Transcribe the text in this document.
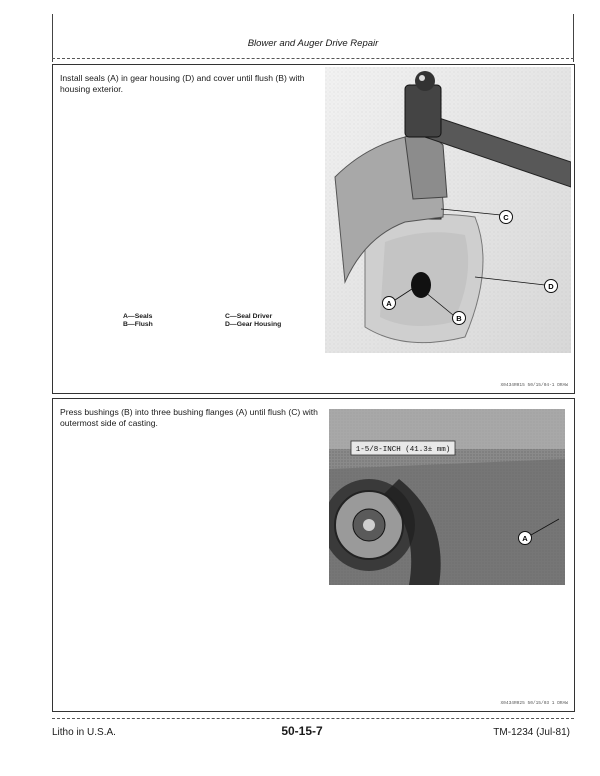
Blower and Auger Drive Repair
Install seals (A) in gear housing (D) and cover until flush (B) with housing exterior.
A—Seals
B—Flush
C—Seal Driver
D—Gear Housing
C
D
A
B
X0434R015 50/15/04-1 DRAW
Press bushings (B) into three bushing flanges (A) until flush (C) with outermost side of casting.
1-5/8-INCH (41.3± mm)
A
X0434R025 50/15/03 1 DRAW
Litho in U.S.A.	50-15-7	TM-1234 (Jul-81)
